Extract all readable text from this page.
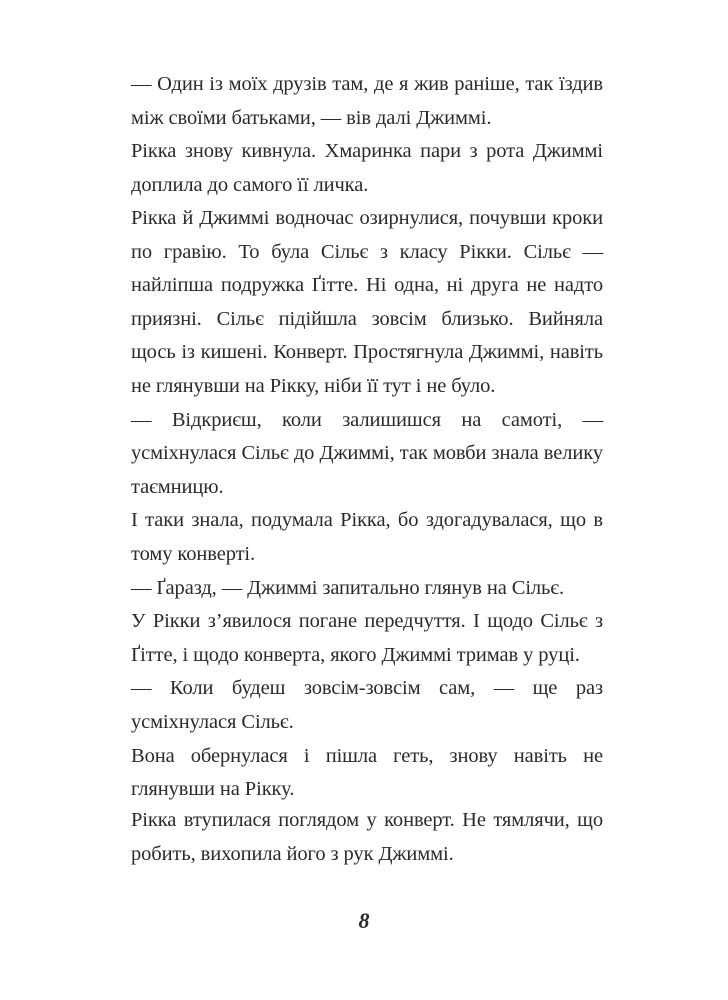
— Один із моїх друзів там, де я жив раніше, так їздив між своїми батьками, — вів далі Джиммі.

Рікка знову кивнула. Хмаринка пари з рота Джиммі доплила до самого її личка.

Рікка й Джиммі водночас озирнулися, почувши кроки по гравію. То була Сільє з класу Рікки. Сільє — найліпша подружка Ґітте. Ні одна, ні друга не надто приязні. Сільє підійшла зовсім близько. Вийняла щось із кишені. Конверт. Простягнула Джиммі, навіть не глянувши на Рікку, ніби її тут і не було.

— Відкриєш, коли залишишся на самоті, — усміхнулася Сільє до Джиммі, так мовби знала велику таємницю.

І таки знала, подумала Рікка, бо здогадувалася, що в тому конверті.

— Ґаразд, — Джиммі запитально глянув на Сільє.

У Рікки з’явилося погане передчуття. І щодо Сільє з Ґітте, і щодо конверта, якого Джиммі тримав у руці.

— Коли будеш зовсім-зовсім сам, — ще раз усміхнулася Сільє.

Вона обернулася і пішла геть, знову навіть не глянувши на Рікку.

Рікка втупилася поглядом у конверт. Не тямлячи, що робить, вихопила його з рук Джиммі.

8
